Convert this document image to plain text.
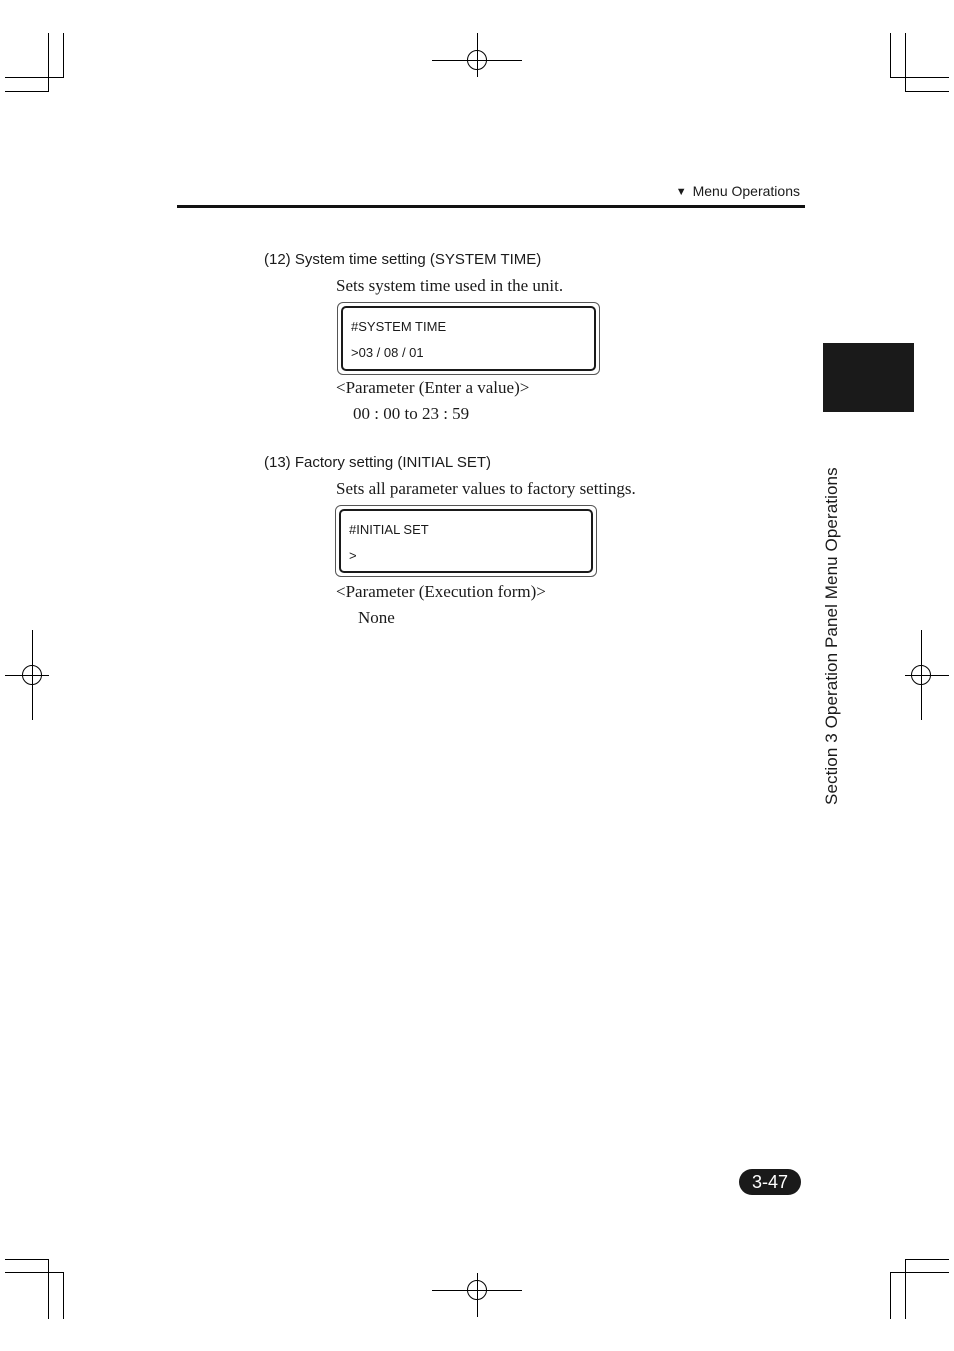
▼ Menu Operations
Section 3 Operation Panel Menu Operations
(12) System time setting (SYSTEM TIME)
Sets system time used in the unit.
#SYSTEM TIME
>03 / 08 / 01
<Parameter (Enter a value)>
00 : 00 to 23 : 59
(13) Factory setting (INITIAL SET)
Sets all parameter values to factory settings.
#INITIAL SET
>
<Parameter (Execution form)>
None
3-47
